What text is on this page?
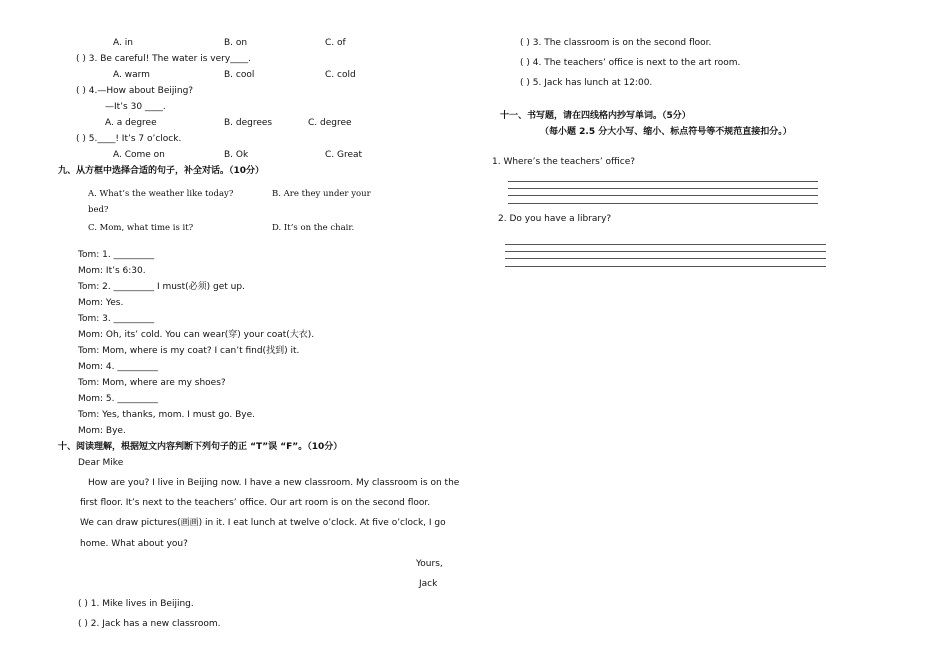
A. in	B. on	C. of
( ) 3. Be careful! The water is very____.
A. warm	B. cool	C. cold
( ) 4.—How about Beijing?
—It’s 30 ____.
A. a degree	B. degrees	C. degree
( ) 5.____! It’s 7 o’clock.
A. Come on	B. Ok	C. Great
九、从方框中选择合适的句子，补全对话。（10分）
A. What’s the weather like today?	B. Are they under your
bed?
C. Mom, what time is it?	D. It’s on the chair.
Tom: 1. _________
Mom: It’s 6:30.
Tom: 2. _________ I must(必须) get up.
Mom: Yes.
Tom: 3. _________
Mom: Oh, its’ cold. You can wear(穿) your coat(大衣).
Tom: Mom, where is my coat? I can’t find(找到) it.
Mom: 4. _________
Tom: Mom, where are my shoes?
Mom: 5. _________
Tom: Yes, thanks, mom. I must go. Bye.
Mom: Bye.
十、阅读理解，根据短文内容判断下列句子的正 “T”误 “F”。（10分）
Dear Mike
How are you? I live in Beijing now. I have a new classroom. My classroom is on the
first floor. It’s next to the teachers’ office. Our art room is on the second floor.
We can draw pictures(画画) in it. I eat lunch at twelve o’clock. At five o’clock, I go
home. What about you?
Yours,
Jack
( ) 1. Mike lives in Beijing.
( ) 2. Jack has a new classroom.
( ) 3. The classroom is on the second floor.
( ) 4. The teachers’ office is next to the art room.
( ) 5. Jack has lunch at 12:00.
十一、书写题，请在四线格内抄写单词。（5分）
（每小题 2.5 分大小写、缩小、标点符号等不规范直接扣分。）
1. Where’s the teachers’ office?
2. Do you have a library?
